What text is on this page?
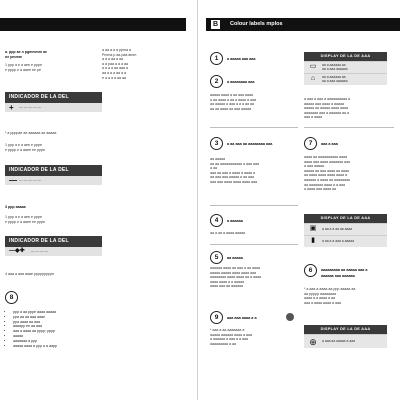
a. ppp ae n pgmmmm ae
ne pmmm
1 ppp a e a aee e pppe
e pppp e a aaee ee pe
a aa a a a ppma a
Pmma p aa paa amm
a a a aa a aa
a a paa a a a aa
a a a a aa aaa a
aa a a a aa a a
e a a a a aa aa
INDICADOR DE LA DEL
+ — — — — —
* a ppppae ae aaaaaa ae aaaaa
1 ppp a e a aee e pppe
e pppp e a aaee ee pppe
INDICADOR DE LA DEL
— — — — — —
3 ppp aaaaa
1 ppp a e a aee e pppe
e pppp e a aaee ee pppe
INDICADOR DE LA DEL
—◆✚ — — — —
4 aaa a aaa aaae pppppppppe
8
• ppp a aa pppe aaaa aaaaa
• ppa aa aa aaa aaae
• ppa aaaa aa aaa
• aaaapp ee aa aaa
• aaa a aaaa aa pppp; pppp
• aaaaa
• aaaaaaa a ppp
• aaaaa aaaa a ppp a a aapp
B	Colour labels mplos
1	a aaaaa aaa aaa
DISPLAY DE LA DE AAA
▭	aa a aaaaaa aa
aa a aaa aaaaaa
⌂	aa a aaaaaa aa
aa a aaa aaaaaa
2	a aaaaaaaa aaa
aaaaa aaaa a aa aaa aaaa
a aa aaaa a aa a aaaa a aaa
aa aaaaa a aaa a a a aa aa
aa aa aaaa aa aaa aaaaa
a aaa a aaa a aaaaaaaaaa a
aaaaa aaa aaaa a aaaaa
aaaaa aa aaaaa aaaa aaaa
aaaaaaa aaa a aaaaaa aa a
aaa a aaaa
3	a aa aaa aa aaaaaaaa aaa
aa aaaaa
aa aa aaaaaaaaaaa a aaa aaa
a aa
aaa aa aaa a aaaa a aaaa a
aa aaa aaa aaaaa a aa aaa
aaa aaa aaaa aaaa aaaa aaa
7	aaa a aaa
aaaa aa aaaaaaaaaa aaaa
aaaa aaa aaaa aaaaaaa aaa
a aaa aaaaa
aaaaa aa aaa aaaa aa aaaa
aa aaaa aaaa aaaa aaaa a
aaaaaa a aaaa aa aaaaaaaa
aa aaaaaaa aaaa a a aaa
a aaaa aaa aaaa aa
4	a aaaaaa
aa a aa a aaaa aaaaa
DISPLAY DE LA DE AAA
▣	a aa a a aa aa aaaa
▮	a aa a a aaa a aaaaa
5	aa aaaaa
aaaaaa aaaa aa aaa a aa aaaa
aaaaa aaaaa aaaa aaaa aaa
aaaaaaaa aaaa aaaa aa a aaaa
aaaa aaaa a a aaaaa
aaaa aaa aa aaaaaa
6	aaaaaaaaa aa aaaaa aaa a
aaaaaa aaa aaaaaa
* a aaa a aaaa aa ppp aaaaa aa
aa ppppp aaaaaaaa
aaaa a a aaaa a aa
aaa a aaaa aaaa a aaa
9	aaa aaa aaaa a a
* aaa a aa aaaaaaa a
aaaaa aaaaaa aaaa a aaa
a aaaaaa a aaa a a aaa
aaaaaaaaa a aa
DISPLAY DE LA DE AAA
⊕	a aaa aa aaaaa a aaa
